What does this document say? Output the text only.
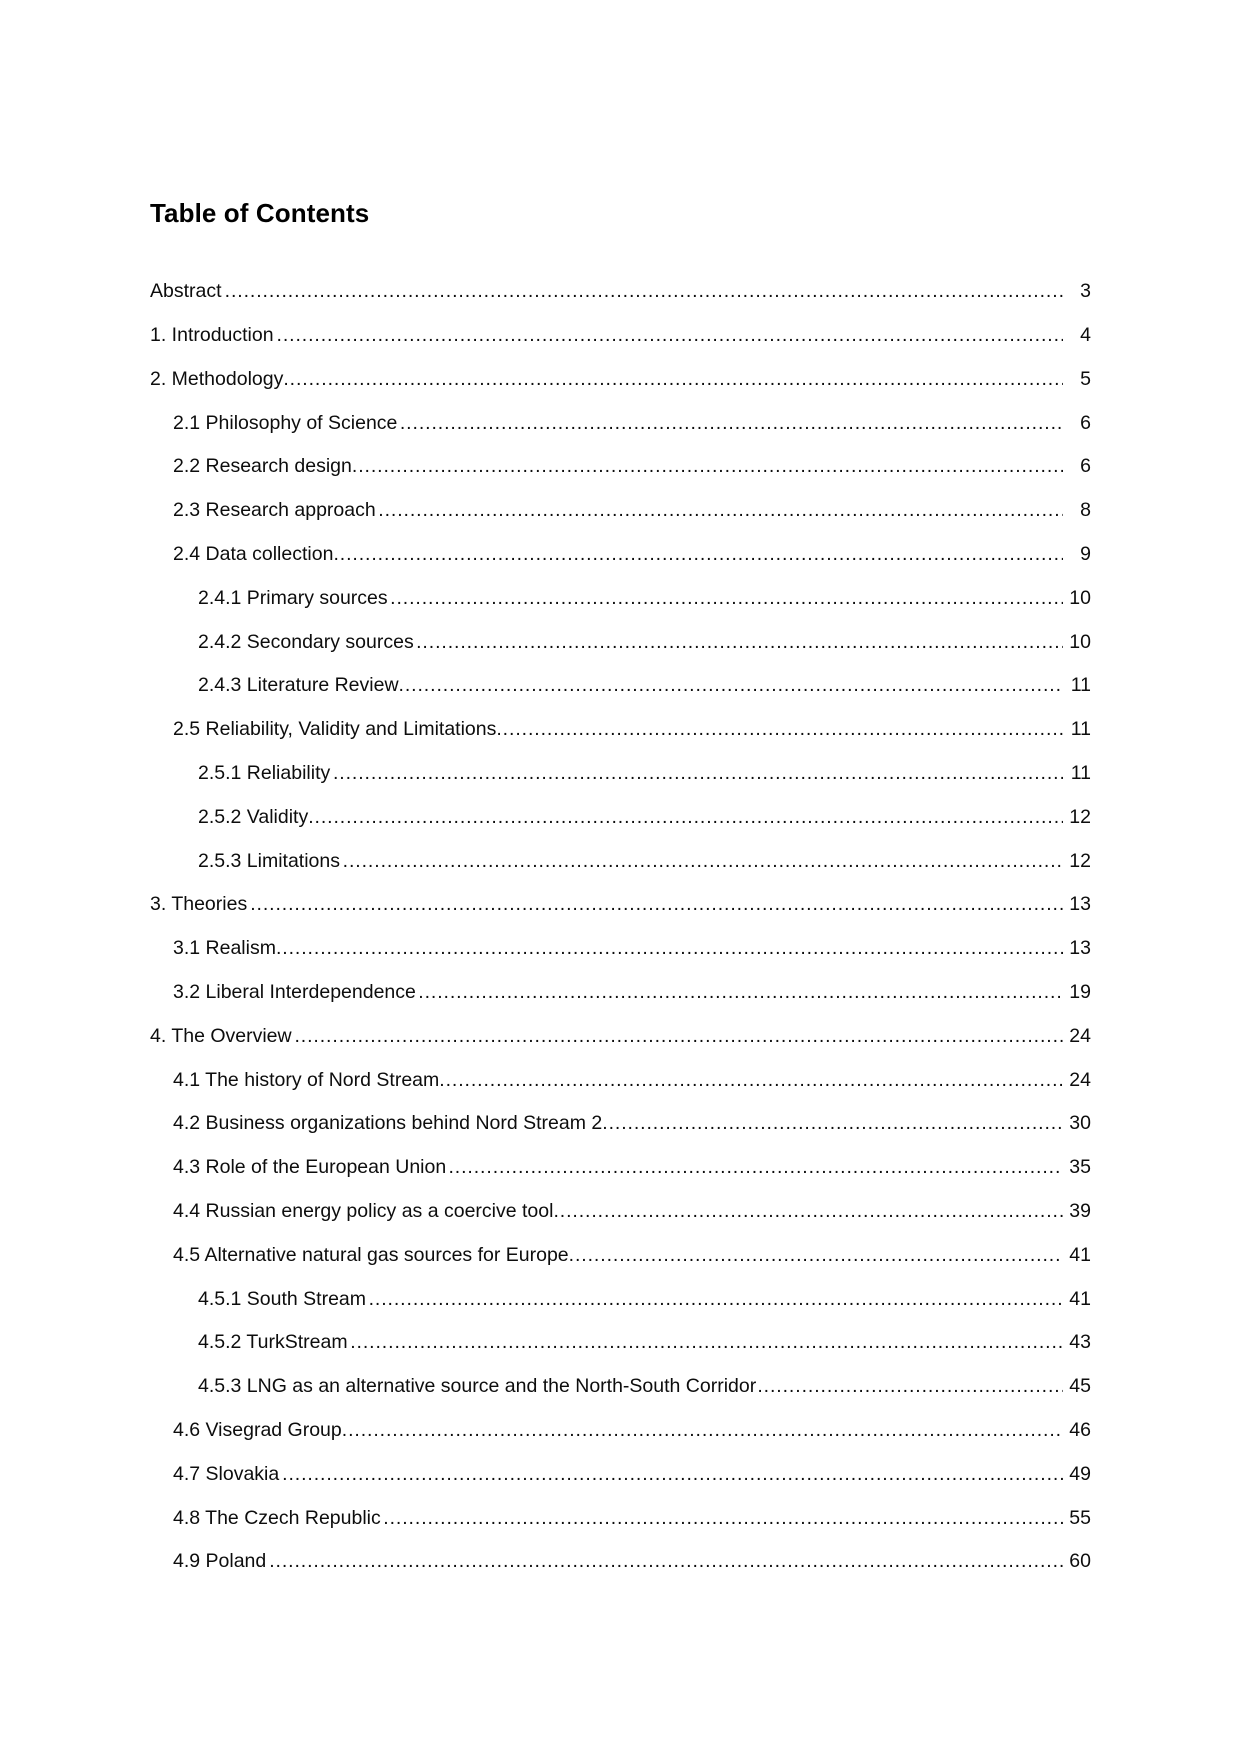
Table of Contents
Abstract .....	3
1. Introduction .....	4
2. Methodology .....	5
2.1 Philosophy of Science .....	6
2.2 Research design .....	6
2.3 Research approach .....	8
2.4 Data collection .....	9
2.4.1 Primary sources .....	10
2.4.2 Secondary sources .....	10
2.4.3 Literature Review .....	11
2.5 Reliability, Validity and Limitations .....	11
2.5.1 Reliability .....	11
2.5.2 Validity .....	12
2.5.3 Limitations .....	12
3. Theories .....	13
3.1 Realism .....	13
3.2 Liberal Interdependence .....	19
4. The Overview .....	24
4.1 The history of Nord Stream .....	24
4.2 Business organizations behind Nord Stream 2 .....	30
4.3 Role of the European Union .....	35
4.4 Russian energy policy as a coercive tool .....	39
4.5 Alternative natural gas sources for Europe .....	41
4.5.1 South Stream .....	41
4.5.2 TurkStream .....	43
4.5.3 LNG as an alternative source and the North-South Corridor .....	45
4.6 Visegrad Group .....	46
4.7 Slovakia .....	49
4.8 The Czech Republic .....	55
4.9 Poland .....	60
